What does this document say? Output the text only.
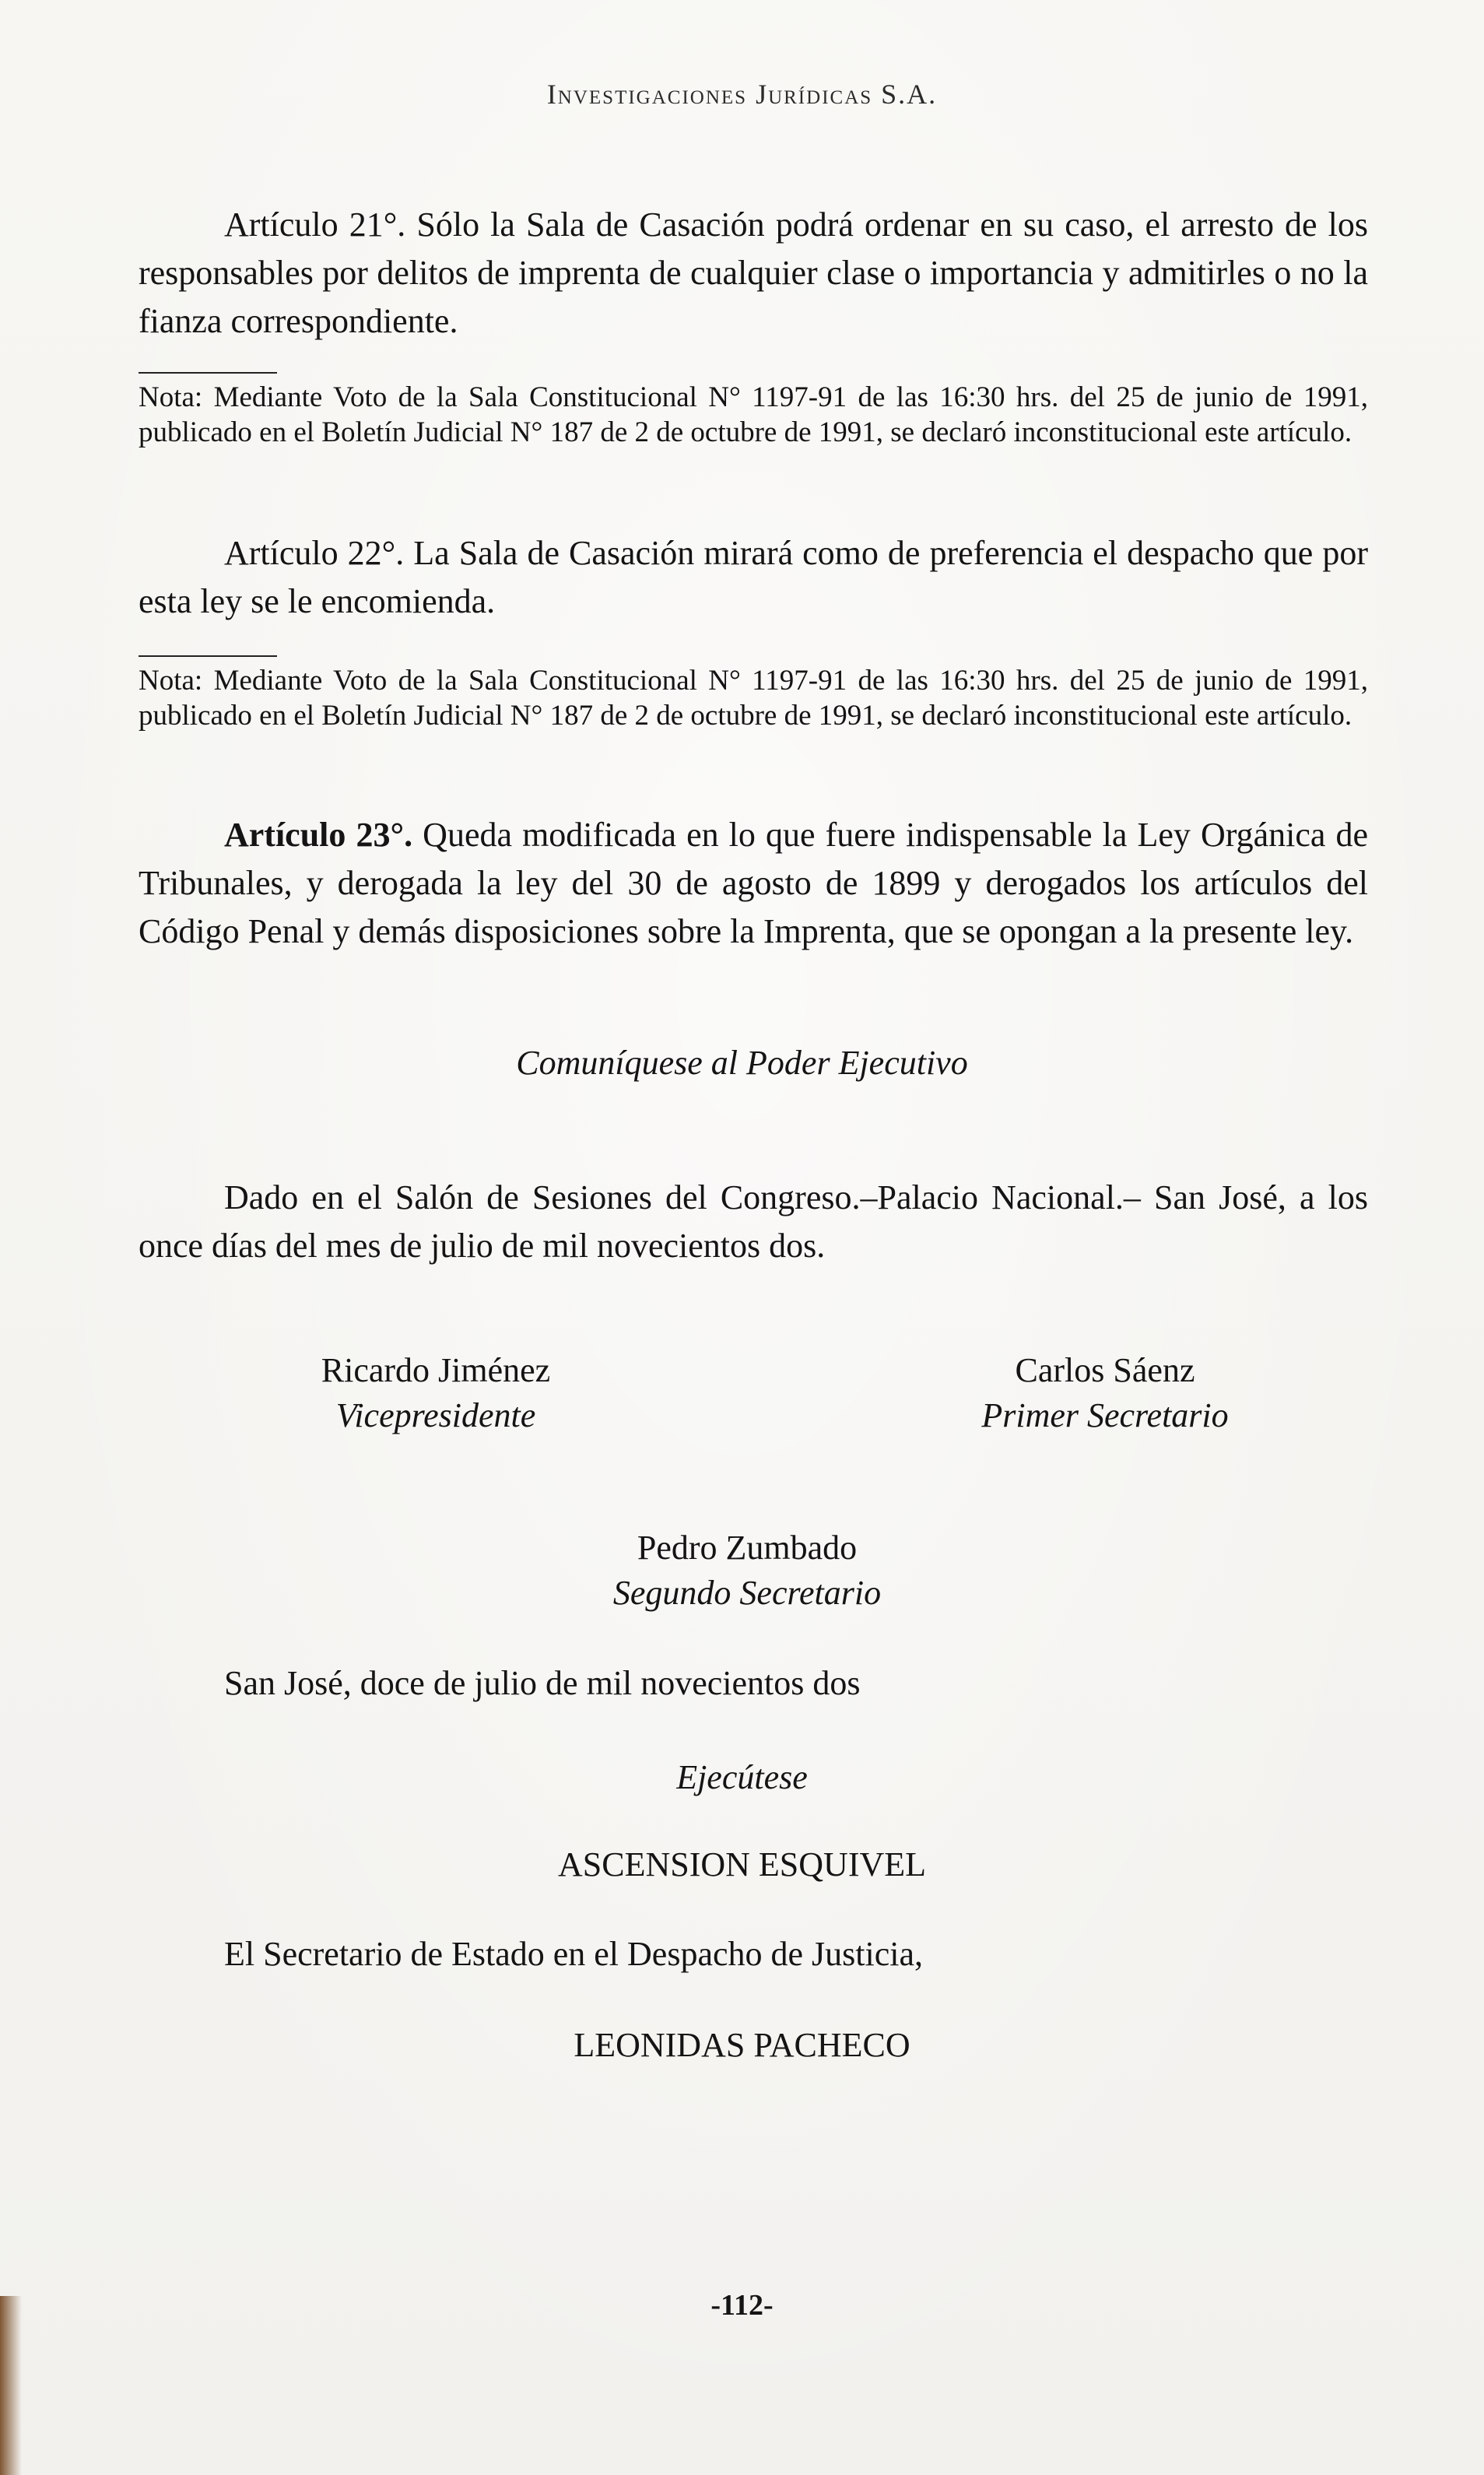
Investigaciones Jurídicas S.A.

Artículo 21°. Sólo la Sala de Casación podrá ordenar en su caso, el arresto de los responsables por delitos de imprenta de cualquier clase o importancia y admitirles o no la fianza correspondiente.

Nota: Mediante Voto de la Sala Constitucional N° 1197-91 de las 16:30 hrs. del 25 de junio de 1991, publicado en el Boletín Judicial N° 187 de 2 de octubre de 1991, se declaró inconstitucional este artículo.

Artículo 22°. La Sala de Casación mirará como de preferencia el despacho que por esta ley se le encomienda.

Nota: Mediante Voto de la Sala Constitucional N° 1197-91 de las 16:30 hrs. del 25 de junio de 1991, publicado en el Boletín Judicial N° 187 de 2 de octubre de 1991, se declaró inconstitucional este artículo.

Artículo 23°. Queda modificada en lo que fuere indispensable la Ley Orgánica de Tribunales, y derogada la ley del 30 de agosto de 1899 y derogados los artículos del Código Penal y demás disposiciones sobre la Imprenta, que se opongan a la presente ley.

Comuníquese al Poder Ejecutivo

Dado en el Salón de Sesiones del Congreso.–Palacio Nacional.– San José, a los once días del mes de julio de mil novecientos dos.

Ricardo Jiménez
Vicepresidente
Carlos Sáenz
Primer Secretario
Pedro Zumbado
Segundo Secretario

San José, doce de julio de mil novecientos dos

Ejecútese
ASCENSION ESQUIVEL

El Secretario de Estado en el Despacho de Justicia,

LEONIDAS PACHECO
-112-
